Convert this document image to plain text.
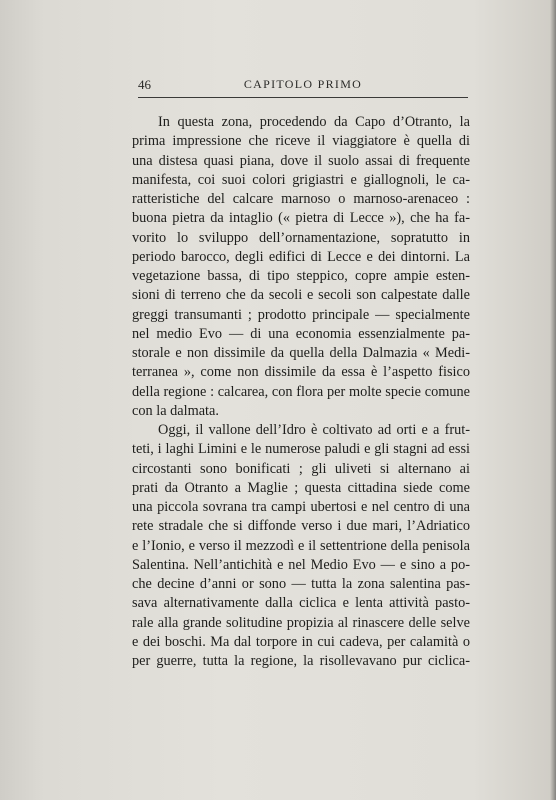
46	CAPITOLO PRIMO
In questa zona, procedendo da Capo d’Otranto, la
prima impressione che riceve il viaggiatore è quella di
una distesa quasi piana, dove il suolo assai di frequente
manifesta, coi suoi colori grigiastri e giallognoli, le ca-
ratteristiche del calcare marnoso o marnoso-arenaceo :
buona pietra da intaglio (« pietra di Lecce »), che ha fa-
vorito lo sviluppo dell’ornamentazione, sopratutto in
periodo barocco, degli edifici di Lecce e dei dintorni. La
vegetazione bassa, di tipo steppico, copre ampie esten-
sioni di terreno che da secoli e secoli son calpestate dalle
greggi transumanti ; prodotto principale — specialmente
nel medio Evo — di una economia essenzialmente pa-
storale e non dissimile da quella della Dalmazia « Medi-
terranea », come non dissimile da essa è l’aspetto fisico
della regione : calcarea, con flora per molte specie comune
con la dalmata.
Oggi, il vallone dell’Idro è coltivato ad orti e a frut-
teti, i laghi Limini e le numerose paludi e gli stagni ad essi
circostanti sono bonificati ; gli uliveti si alternano ai
prati da Otranto a Maglie ; questa cittadina siede come
una piccola sovrana tra campi ubertosi e nel centro di una
rete stradale che si diffonde verso i due mari, l’Adriatico
e l’Ionio, e verso il mezzodì e il settentrione della penisola
Salentina. Nell’antichità e nel Medio Evo — e sino a po-
che decine d’anni or sono — tutta la zona salentina pas-
sava alternativamente dalla ciclica e lenta attività pasto-
rale alla grande solitudine propizia al rinascere delle selve
e dei boschi. Ma dal torpore in cui cadeva, per calamità o
per guerre, tutta la regione, la risollevavano pur ciclica-
